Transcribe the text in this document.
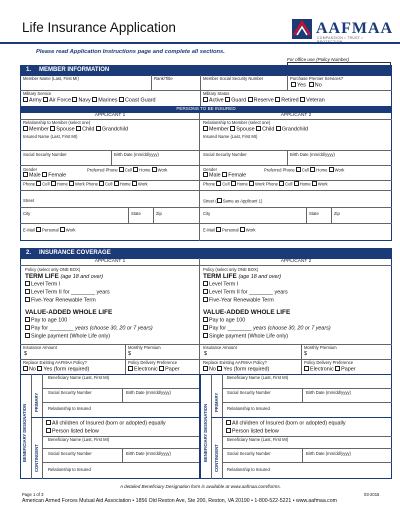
Life Insurance Application	AAFMAA
COMPASSION • TRUST •
Please read Application Instructions page and complete all sections.
For office use (Policy Number)
1. MEMBER INFORMATION
Member Name (Last, First MI)	Rank/Title	Member Social Security Number	Purchase Premier Services?
Yes No
Military Service
Army Air Force Navy Marines Coast Guard
Military Status
Active Guard Reserve Retired Veteran
PERSONS TO BE INSURED
APPLICANT 1	APPLICANT 2
Relationship to Member (select one)
Member Spouse Child Grandchild
Insured Name (Last, First MI)
Social Security Number	Birth Date (mm/dd/yyyy)
Gender
Male Female
Preferred Phone Cell Home Work
Phone Cell Home Work Phone Cell Home Work
Street
City	State	Zip
E-Mail Personal Work
Relationship to Member (select one)
Member Spouse Child Grandchild
Insured Name (Last, First MI)
Social Security Number	Birth Date (mm/dd/yyyy)
Gender
Male Female
Preferred Phone Cell Home Work
Phone Cell Home Work Phone Cell Home Work
Street ( Same as Applicant 1)
City	State	Zip
E-Mail Personal Work
2. INSURANCE COVERAGE
APPLICANT 1	APPLICANT 2
Policy (select only ONE BOX)
TERM LIFE (age 18 and over)
Level Term I
Level Term II for ________ years
Five-Year Renewable Term
VALUE-ADDED WHOLE LIFE
Pay to age 100
Pay for ________ years (choose 30, 20 or 7 years)
Single payment (Whole Life only)
Insurance Amount
$
Monthly Premium
$
Replace Existing AAFMAA Policy?
No Yes (form required)
Policy Delivery Preference
Electronic Paper
Policy (select only ONE BOX)
TERM LIFE (age 18 and over)
Level Term I
Level Term II for ________ years
Five-Year Renewable Term
VALUE-ADDED WHOLE LIFE
Pay to age 100
Pay for ________ years (choose 30, 20 or 7 years)
Single payment (Whole Life only)
Insurance Amount
$
Monthly Premium
$
Replace Existing AAFMAA Policy?
No Yes (form required)
Policy Delivery Preference
Electronic Paper
BENEFICIARY DESIGNATION
PRIMARY
CONTINGENT
Beneficiary Name (Last, First MI)
Social Security Number	Birth Date (mm/dd/yyyy)
Relationship to Insured
All children of Insured (born or adopted) equally
Person listed below
Beneficiary Name (Last, First MI)
Social Security Number	Birth Date (mm/dd/yyyy)
Relationship to Insured
BENEFICIARY DESIGNATION
PRIMARY
CONTINGENT
Beneficiary Name (Last, First MI)
Social Security Number	Birth Date (mm/dd/yyyy)
Relationship to Insured
All children of Insured (born or adopted) equally
Person listed below
Beneficiary Name (Last, First MI)
Social Security Number	Birth Date (mm/dd/yyyy)
Relationship to Insured
A detailed Beneficiary Designation form is available at www.aafmaa.com/forms.
Page 1 of 3	03-2015
American Armed Forces Mutual Aid Association • 1856 Old Reston Ave, Ste 200, Reston, VA 20190 • 1-800-522-5221 • www.aafmaa.com
